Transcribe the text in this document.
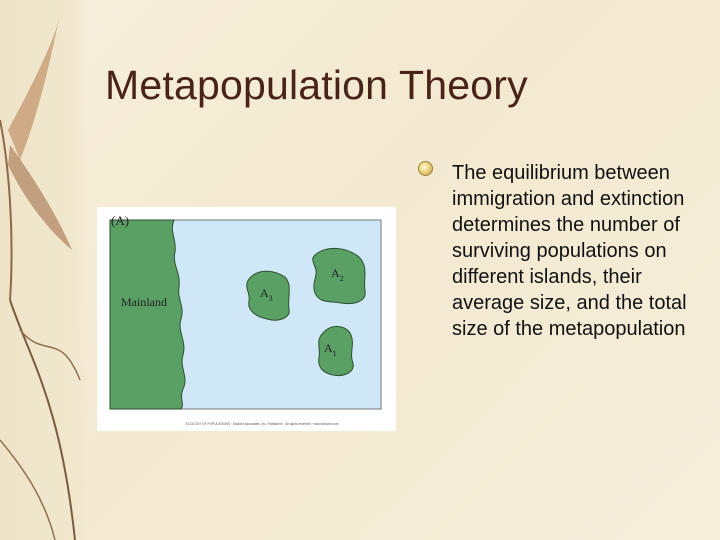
Metapopulation Theory
(A)
Mainland
$A_3$
$A_2$
$A_1$
ECOLOGY OF POPULATIONS · Sinauer Associates, Inc. Publishers · All rights reserved · www.sinauer.com
The equilibrium between immigration and extinction determines the number of surviving populations on different islands, their average size, and the total size of the metapopulation
